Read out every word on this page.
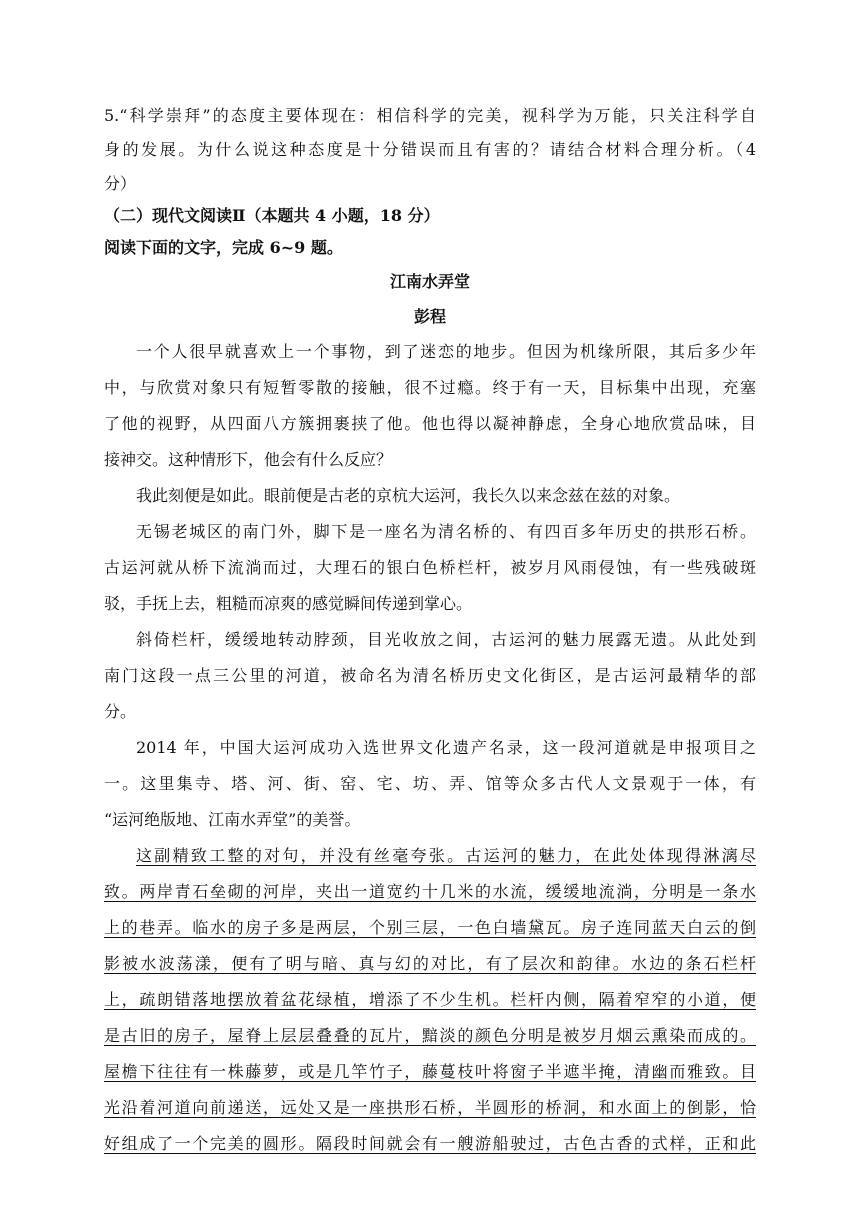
5.“科学崇拜”的态度主要体现在：相信科学的完美，视科学为万能，只关注科学自
身的发展。为什么说这种态度是十分错误而且有害的？请结合材料合理分析。（4
分）
（二）现代文阅读Ⅱ（本题共 4 小题，18 分）
阅读下面的文字，完成 6~9 题。
江南水弄堂
彭程
一个人很早就喜欢上一个事物，到了迷恋的地步。但因为机缘所限，其后多少年
中，与欣赏对象只有短暂零散的接触，很不过瘾。终于有一天，目标集中出现，充塞
了他的视野，从四面八方簇拥裹挟了他。他也得以凝神静虑，全身心地欣赏品味，目
接神交。这种情形下，他会有什么反应？
我此刻便是如此。眼前便是古老的京杭大运河，我长久以来念兹在兹的对象。
无锡老城区的南门外，脚下是一座名为清名桥的、有四百多年历史的拱形石桥。
古运河就从桥下流淌而过，大理石的银白色桥栏杆，被岁月风雨侵蚀，有一些残破斑
驳，手抚上去，粗糙而凉爽的感觉瞬间传递到掌心。
斜倚栏杆，缓缓地转动脖颈，目光收放之间，古运河的魅力展露无遗。从此处到
南门这段一点三公里的河道，被命名为清名桥历史文化街区，是古运河最精华的部
分。
2014 年，中国大运河成功入选世界文化遗产名录，这一段河道就是申报项目之
一。这里集寺、塔、河、街、窑、宅、坊、弄、馆等众多古代人文景观于一体，有
“运河绝版地、江南水弄堂”的美誉。
这副精致工整的对句，并没有丝毫夸张。古运河的魅力，在此处体现得淋漓尽
致。两岸青石垒砌的河岸，夹出一道宽约十几米的水流，缓缓地流淌，分明是一条水
上的巷弄。临水的房子多是两层，个别三层，一色白墙黛瓦。房子连同蓝天白云的倒
影被水波荡漾，便有了明与暗、真与幻的对比，有了层次和韵律。水边的条石栏杆
上，疏朗错落地摆放着盆花绿植，增添了不少生机。栏杆内侧，隔着窄窄的小道，便
是古旧的房子，屋脊上层层叠叠的瓦片，黯淡的颜色分明是被岁月烟云熏染而成的。
屋檐下往往有一株藤萝，或是几竿竹子，藤蔓枝叶将窗子半遮半掩，清幽而雅致。目
光沿着河道向前递送，远处又是一座拱形石桥，半圆形的桥洞，和水面上的倒影，恰
好组成了一个完美的圆形。隔段时间就会有一艘游船驶过，古色古香的式样，正和此
